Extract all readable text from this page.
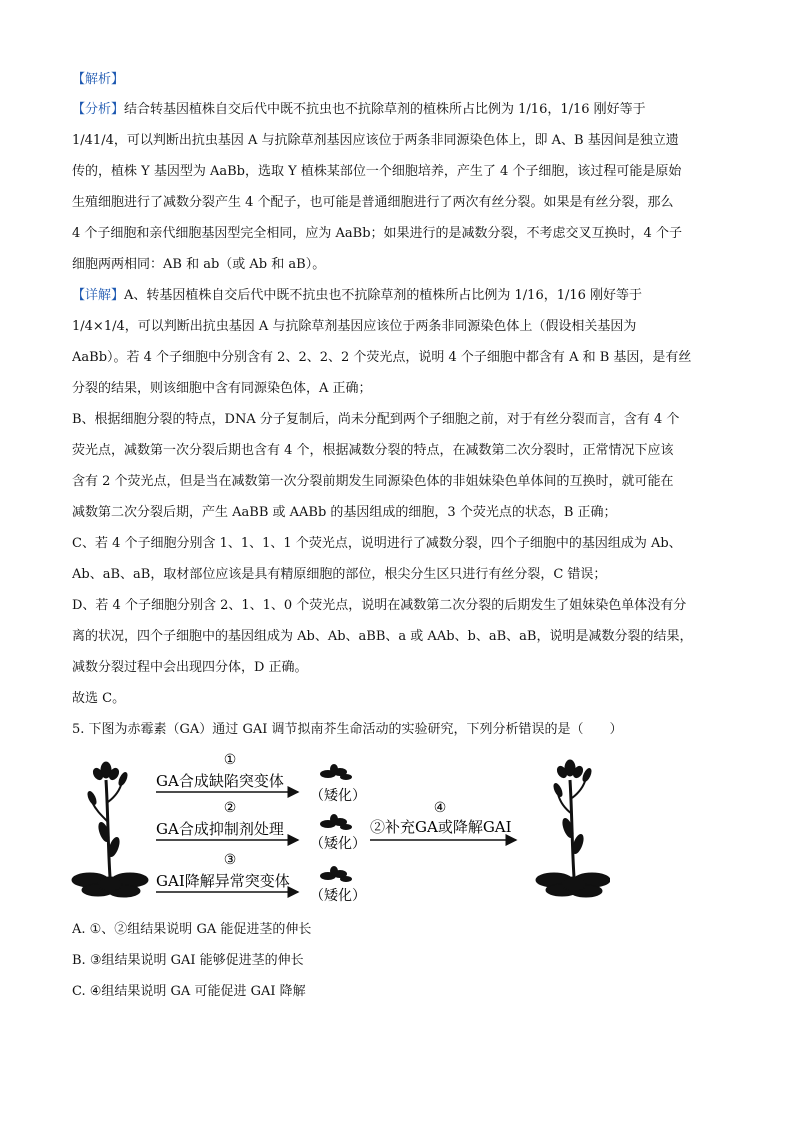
【解析】
【分析】结合转基因植株自交后代中既不抗虫也不抗除草剂的植株所占比例为 1/16，1/16 刚好等于
1/41/4，可以判断出抗虫基因 A 与抗除草剂基因应该位于两条非同源染色体上，即 A、B 基因间是独立遗
传的，植株 Y 基因型为 AaBb，选取 Y 植株某部位一个细胞培养，产生了 4 个子细胞，该过程可能是原始
生殖细胞进行了减数分裂产生 4 个配子，也可能是普通细胞进行了两次有丝分裂。如果是有丝分裂，那么
4 个子细胞和亲代细胞基因型完全相同，应为 AaBb；如果进行的是减数分裂，不考虑交叉互换时，4 个子
细胞两两相同：AB 和 ab（或 Ab 和 aB）。
【详解】A、转基因植株自交后代中既不抗虫也不抗除草剂的植株所占比例为 1/16，1/16 刚好等于
1/4×1/4，可以判断出抗虫基因 A 与抗除草剂基因应该位于两条非同源染色体上（假设相关基因为
AaBb）。若 4 个子细胞中分别含有 2、2、2、2 个荧光点，说明 4 个子细胞中都含有 A 和 B 基因，是有丝
分裂的结果，则该细胞中含有同源染色体，A 正确；
B、根据细胞分裂的特点，DNA 分子复制后，尚未分配到两个子细胞之前，对于有丝分裂而言，含有 4 个
荧光点，减数第一次分裂后期也含有 4 个，根据减数分裂的特点，在减数第二次分裂时，正常情况下应该
含有 2 个荧光点，但是当在减数第一次分裂前期发生同源染色体的非姐妹染色单体间的互换时，就可能在
减数第二次分裂后期，产生 AaBB 或 AABb 的基因组成的细胞，3 个荧光点的状态，B 正确；
C、若 4 个子细胞分别含 1、1、1、1 个荧光点，说明进行了减数分裂，四个子细胞中的基因组成为 Ab、
Ab、aB、aB，取材部位应该是具有精原细胞的部位，根尖分生区只进行有丝分裂，C 错误；
D、若 4 个子细胞分别含 2、1、1、0 个荧光点，说明在减数第二次分裂的后期发生了姐妹染色单体没有分
离的状况，四个子细胞中的基因组成为 Ab、Ab、aBB、a 或 AAb、b、aB、aB，说明是减数分裂的结果，
减数分裂过程中会出现四分体，D 正确。
故选 C。
5. 下图为赤霉素（GA）通过 GAI 调节拟南芥生命活动的实验研究，下列分析错误的是（　　）
①
GA合成缺陷突变体
（矮化）
②
GA合成抑制剂处理
（矮化）
③
GAI降解异常突变体
（矮化）
④
②补充GA或降解GAI
A. ①、②组结果说明 GA 能促进茎的伸长
B. ③组结果说明 GAI 能够促进茎的伸长
C. ④组结果说明 GA 可能促进 GAI 降解
